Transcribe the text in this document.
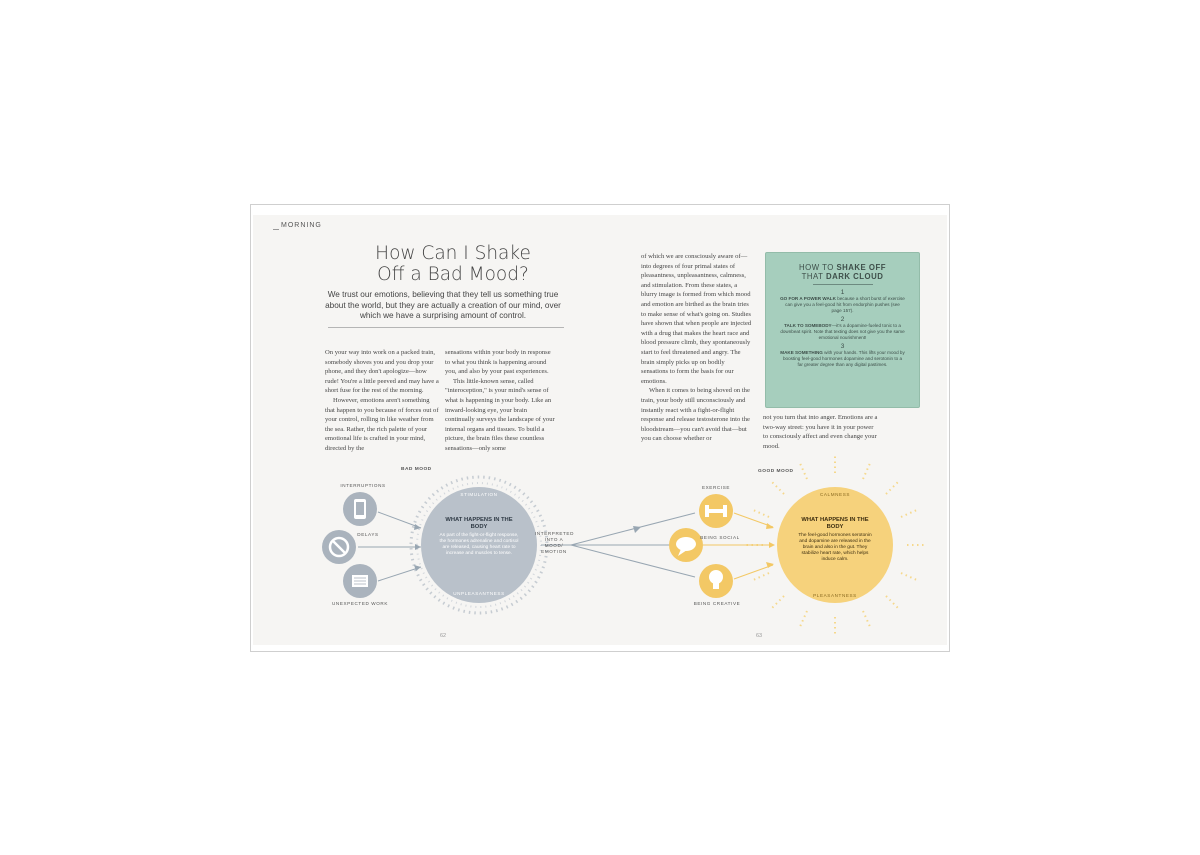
MORNING
How Can I Shake
Off a Bad Mood?
We trust our emotions, believing that they tell us something true about the world, but they are actually a creation of our mind, over which we have a surprising amount of control.
On your way into work on a packed train, somebody shoves you and you drop your phone, and they don't apologize—how rude! You're a little peeved and may have a short fuse for the rest of the morning.
However, emotions aren't something that happen to you because of forces out of your control, rolling in like weather from the sea. Rather, the rich palette of your emotional life is crafted in your mind, directed by the
sensations within your body in response to what you think is happening around you, and also by your past experiences.
This little-known sense, called "interoception," is your mind's sense of what is happening in your body. Like an inward-looking eye, your brain continually surveys the landscape of your internal organs and tissues. To build a picture, the brain files these countless sensations—only some
of which we are consciously aware of—into degrees of four primal states of pleasantness, unpleasantness, calmness, and stimulation. From these states, a blurry image is formed from which mood and emotion are birthed as the brain tries to make sense of what's going on. Studies have shown that when people are injected with a drug that makes the heart race and blood pressure climb, they spontaneously start to feel threatened and angry. The brain simply picks up on bodily sensations to form the basis for our emotions.
When it comes to being shoved on the train, your body still unconsciously and instantly react with a fight-or-flight response and release testosterone into the bloodstream—you can't avoid that—but you can choose whether or
not you turn that into anger. Emotions are a two-way street: you have it in your power to consciously affect and even change your mood.
HOW TO SHAKE OFF
THAT DARK CLOUD
1
GO FOR A POWER WALK because a short burst of exercise can give you a feel-good hit from endorphin pushes (see page 157).
2
TALK TO SOMEBODY—it's a dopamine-fueled tonic to a downbeat spirit. Note that texting does not give you the same emotional nourishment!
3
MAKE SOMETHING with your hands. This lifts your mood by boosting feel-good hormones dopamine and serotonin to a far greater degree than any digital pastimes.
BAD MOOD	GOOD MOOD
INTERRUPTIONS
DELAYS
UNEXPECTED WORK
STIMULATION
UNPLEASANTNESS
WHAT HAPPENS IN THE BODY
As part of the fight-or-flight response, the hormones adrenaline and cortisol are released, causing heart rate to increase and muscles to tense.
INTERPRETED INTO A MOOD/ EMOTION
EXERCISE
BEING SOCIAL
BEING CREATIVE
CALMNESS
PLEASANTNESS
WHAT HAPPENS IN THE BODY
The feel-good hormones serotonin and dopamine are released in the brain and also in the gut. They stabilize heart rate, which helps induce calm.
62	63
